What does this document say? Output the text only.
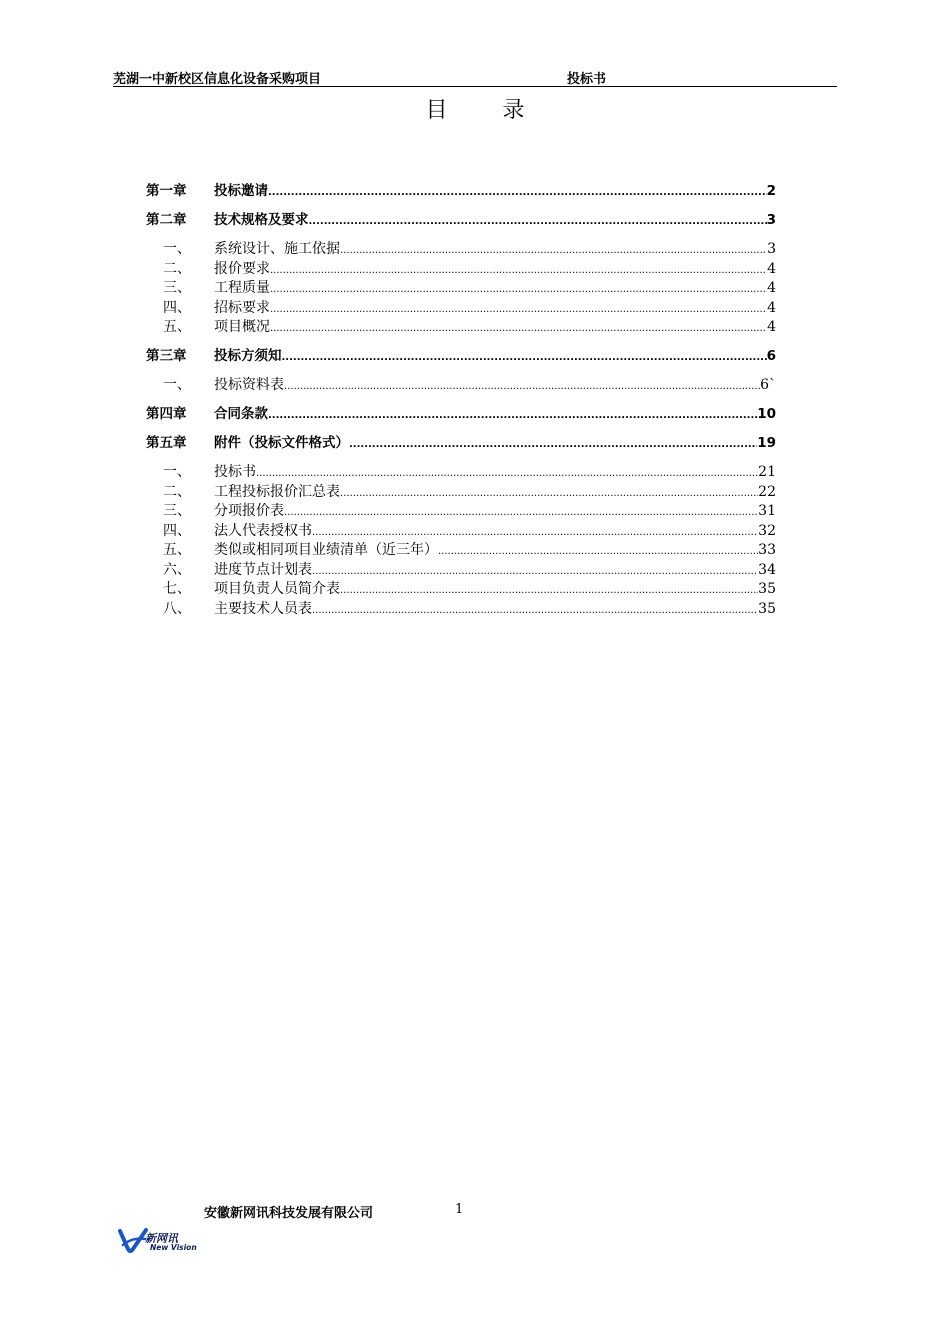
芜湖一中新校区信息化设备采购项目	投标书
目 录
第一章	投标邀请 .....	2
第二章	技术规格及要求 .....	3
一、	系统设计、施工依据 .....	3
二、	报价要求 .....	4
三、	工程质量 .....	4
四、	招标要求 .....	4
五、	项目概况 .....	4
第三章	投标方须知 .....	6
一、	投标资料表 .....	6`
第四章	合同条款 .....	10
第五章	附件（投标文件格式） .....	19
一、	投标书 .....	21
二、	工程投标报价汇总表 .....	22
三、	分项报价表 .....	31
四、	法人代表授权书 .....	32
五、	类似或相同项目业绩清单（近三年） .....	33
六、	进度节点计划表 .....	34
七、	项目负责人员简介表 .....	35
八、	主要技术人员表 .....	35
安徽新网讯科技发展有限公司	1
新网讯
New Vision
